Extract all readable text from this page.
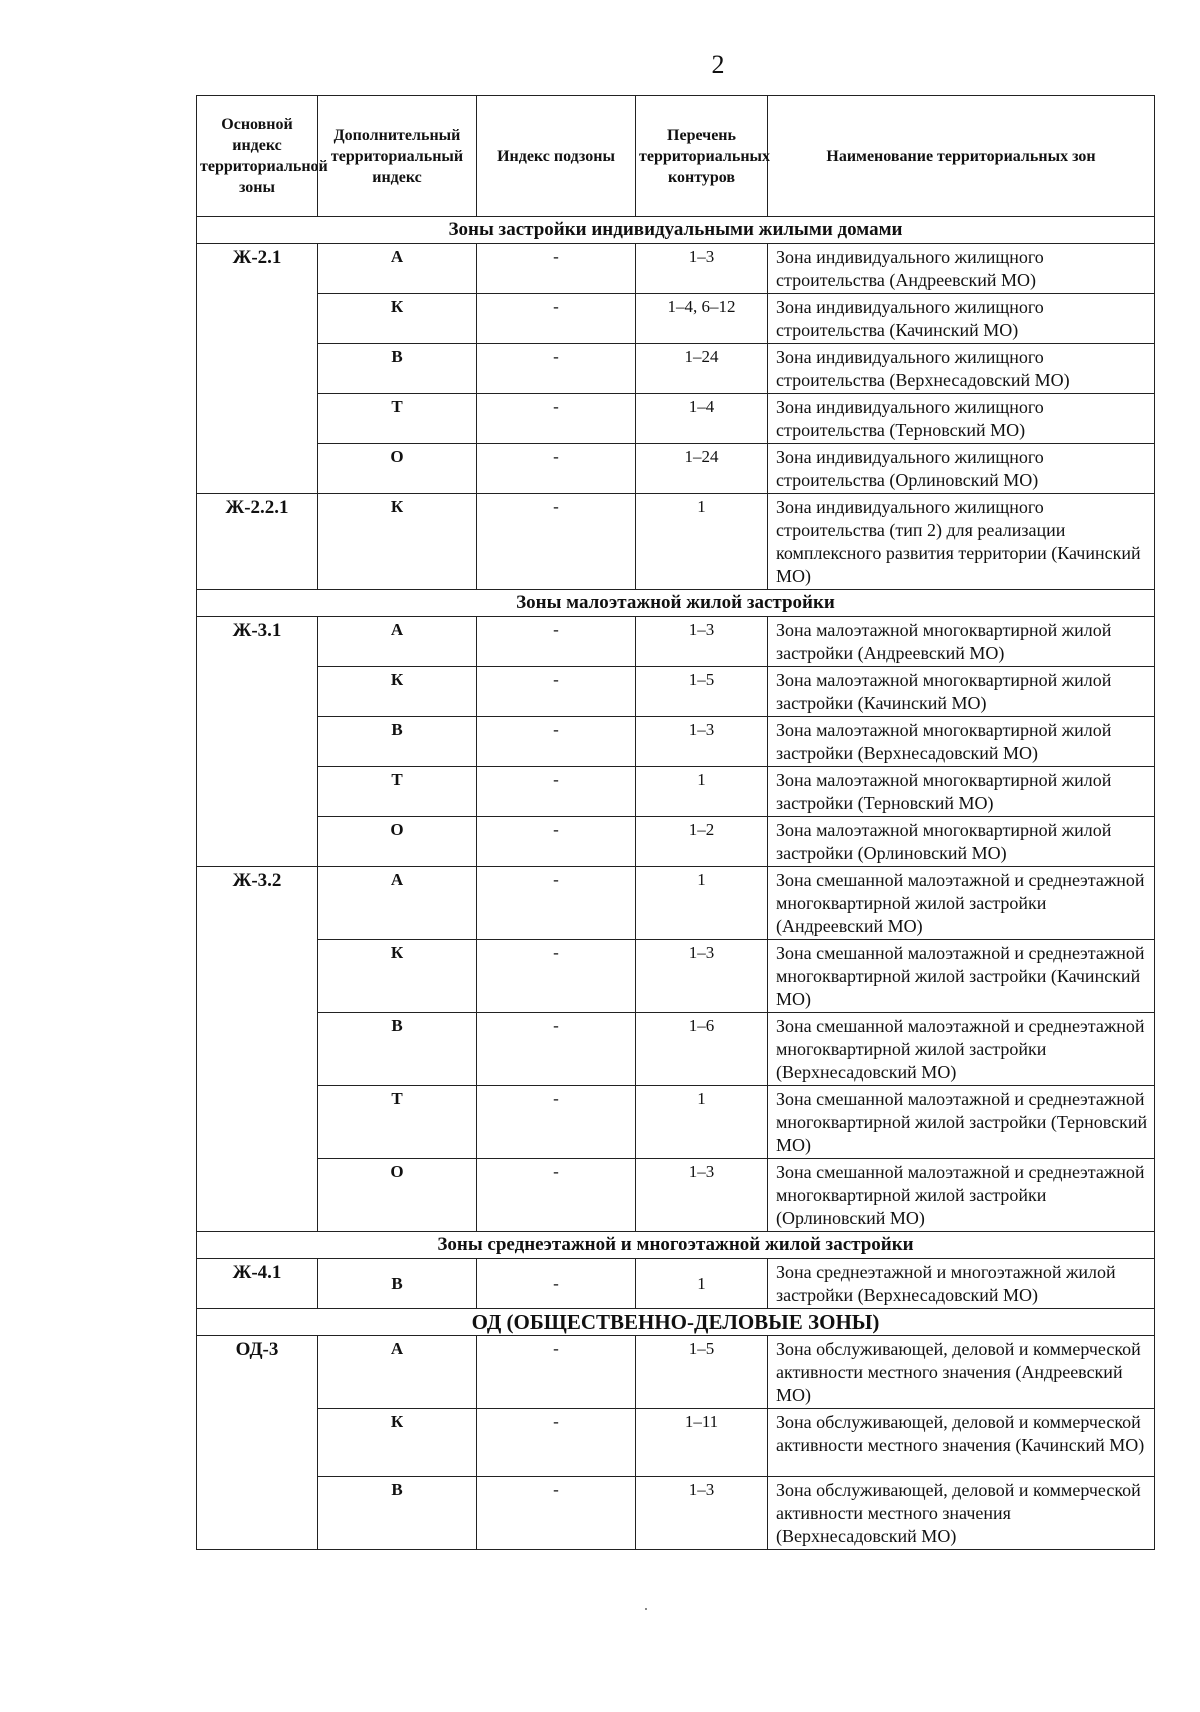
2
Основной индекс территориальной зоны	Дополнительный территориальный индекс	Индекс подзоны	Перечень территориальных контуров	Наименование территориальных зон
Зоны застройки индивидуальными жилыми домами				
Ж-2.1	А	-	1–3	Зона индивидуального жилищного строительства (Андреевский МО)
	К	-	1–4, 6–12	Зона индивидуального жилищного строительства (Качинский МО)
	В	-	1–24	Зона индивидуального жилищного строительства (Верхнесадовский МО)
	Т	-	1–4	Зона индивидуального жилищного строительства (Терновский МО)
	О	-	1–24	Зона индивидуального жилищного строительства (Орлиновский МО)
Ж-2.2.1	К	-	1	Зона индивидуального жилищного строительства (тип 2) для реализации комплексного развития территории (Качинский МО)
Зоны малоэтажной жилой застройки				
Ж-3.1	А	-	1–3	Зона малоэтажной многоквартирной жилой застройки (Андреевский МО)
	К	-	1–5	Зона малоэтажной многоквартирной жилой застройки (Качинский МО)
	В	-	1–3	Зона малоэтажной многоквартирной жилой застройки (Верхнесадовский МО)
	Т	-	1	Зона малоэтажной многоквартирной жилой застройки (Терновский МО)
	О	-	1–2	Зона малоэтажной многоквартирной жилой застройки (Орлиновский МО)
Ж-3.2	А	-	1	Зона смешанной малоэтажной и среднеэтажной многоквартирной жилой застройки (Андреевский МО)
	К	-	1–3	Зона смешанной малоэтажной и среднеэтажной многоквартирной жилой застройки (Качинский МО)
	В	-	1–6	Зона смешанной малоэтажной и среднеэтажной многоквартирной жилой застройки (Верхнесадовский МО)
	Т	-	1	Зона смешанной малоэтажной и среднеэтажной многоквартирной жилой застройки (Терновский МО)
	О	-	1–3	Зона смешанной малоэтажной и среднеэтажной многоквартирной жилой застройки (Орлиновский МО)
Зоны среднеэтажной и многоэтажной жилой застройки				
Ж-4.1	В	-	1	Зона среднеэтажной и многоэтажной жилой застройки (Верхнесадовский МО)
ОД (ОБЩЕСТВЕННО-ДЕЛОВЫЕ ЗОНЫ)				
ОД-3	А	-	1–5	Зона обслуживающей, деловой и коммерческой активности местного значения (Андреевский МО)
	К	-	1–11	Зона обслуживающей, деловой и коммерческой активности местного значения (Качинский МО)
	В	-	1–3	Зона обслуживающей, деловой и коммерческой активности местного значения (Верхнесадовский МО)
